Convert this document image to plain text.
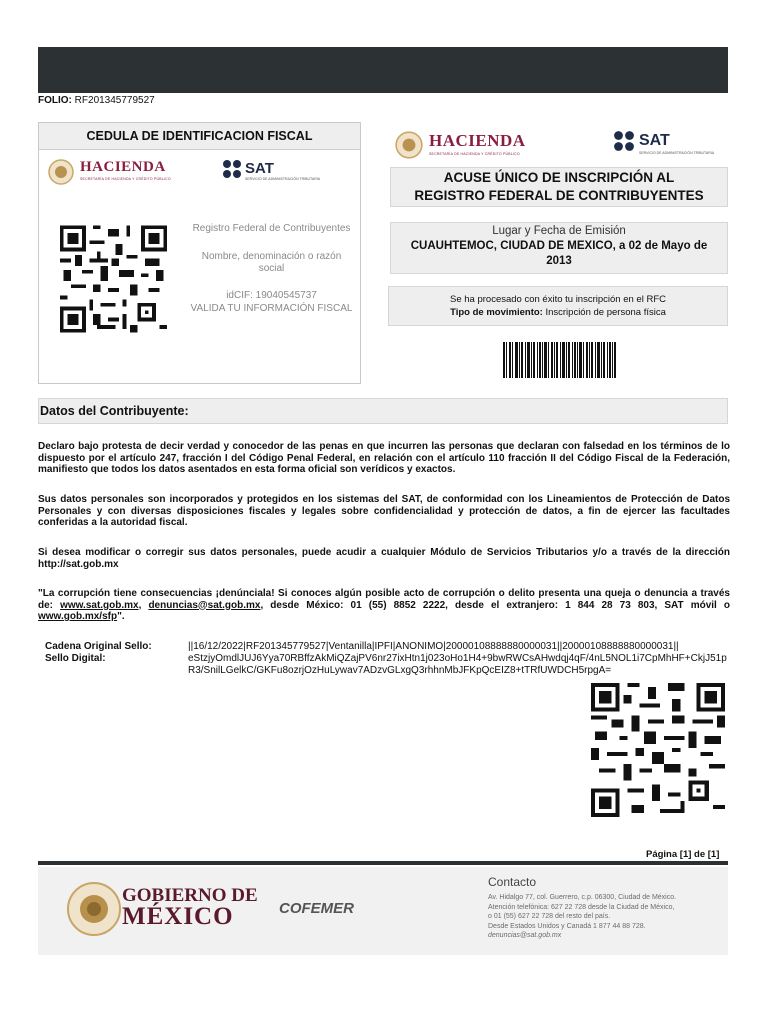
FOLIO: RF201345779527
CEDULA DE IDENTIFICACION FISCAL
HACIENDA
SECRETARÍA DE HACIENDA Y CRÉDITO PÚBLICO
SAT
SERVICIO DE ADMINISTRACIÓN TRIBUTARIA
Registro Federal de Contribuyentes
Nombre, denominación o razón social
idCIF: 19040545737
VALIDA TU INFORMACIÓN FISCAL
HACIENDA
SECRETARÍA DE HACIENDA Y CRÉDITO PÚBLICO
SAT
SERVICIO DE ADMINISTRACIÓN TRIBUTARIA
ACUSE ÚNICO DE INSCRIPCIÓN AL
REGISTRO FEDERAL DE CONTRIBUYENTES
Lugar y Fecha de Emisión
CUAUHTEMOC, CIUDAD DE MEXICO, a 02 de Mayo de
2013
Se ha procesado con éxito tu inscripción en el RFC
Tipo de movimiento: Inscripción de persona física
Datos del Contribuyente:
Declaro bajo protesta de decir verdad y conocedor de las penas en que incurren las personas que declaran con falsedad en los términos de lo dispuesto por el artículo 247, fracción I del Código Penal Federal, en relación con el artículo 110 fracción II del Código Fiscal de la Federación, manifiesto que todos los datos asentados en esta forma oficial son verídicos y exactos.
Sus datos personales son incorporados y protegidos en los sistemas del SAT, de conformidad con los Lineamientos de Protección de Datos Personales y con diversas disposiciones fiscales y legales sobre confidencialidad y protección de datos, a fin de ejercer las facultades conferidas a la autoridad fiscal.
Si desea modificar o corregir sus datos personales, puede acudir a cualquier Módulo de Servicios Tributarios y/o a través de la dirección http://sat.gob.mx
"La corrupción tiene consecuencias ¡denúnciala! Si conoces algún posible acto de corrupción o delito presenta una queja o denuncia a través de: www.sat.gob.mx, denuncias@sat.gob.mx, desde México: 01 (55) 8852 2222, desde el extranjero: 1 844 28 73 803, SAT móvil o www.gob.mx/sfp".
Cadena Original Sello:
Sello Digital:
||16/12/2022|RF201345779527|Ventanilla|IPFI|ANONIMO|20000108888880000031||20000108888880000031||
eStzjyOmdlJUJ6Yya70RBffzAkMiQZajPV6nr27ixHtn1j023oHo1H4+9bwRWCsAHwdqj4qF/4nL5NOL1i7CpMhHF+CkjJ51pR3/SnilLGelkC/GKFu8ozrjOzHuLywav7ADzvGLxgQ3rhhnMbJFKpQcEIZ8+tTRfUWDCH5rpgA=
Página [1] de [1]
GOBIERNO DE
MÉXICO	COFEMER
Contacto
Av. Hidalgo 77, col. Guerrero, c.p. 06300, Ciudad de México.
Atención telefónica: 627 22 728 desde la Ciudad de México,
o 01 (55) 627 22 728 del resto del país.
Desde Estados Unidos y Canadá 1 877 44 88 728.
denuncias@sat.gob.mx
